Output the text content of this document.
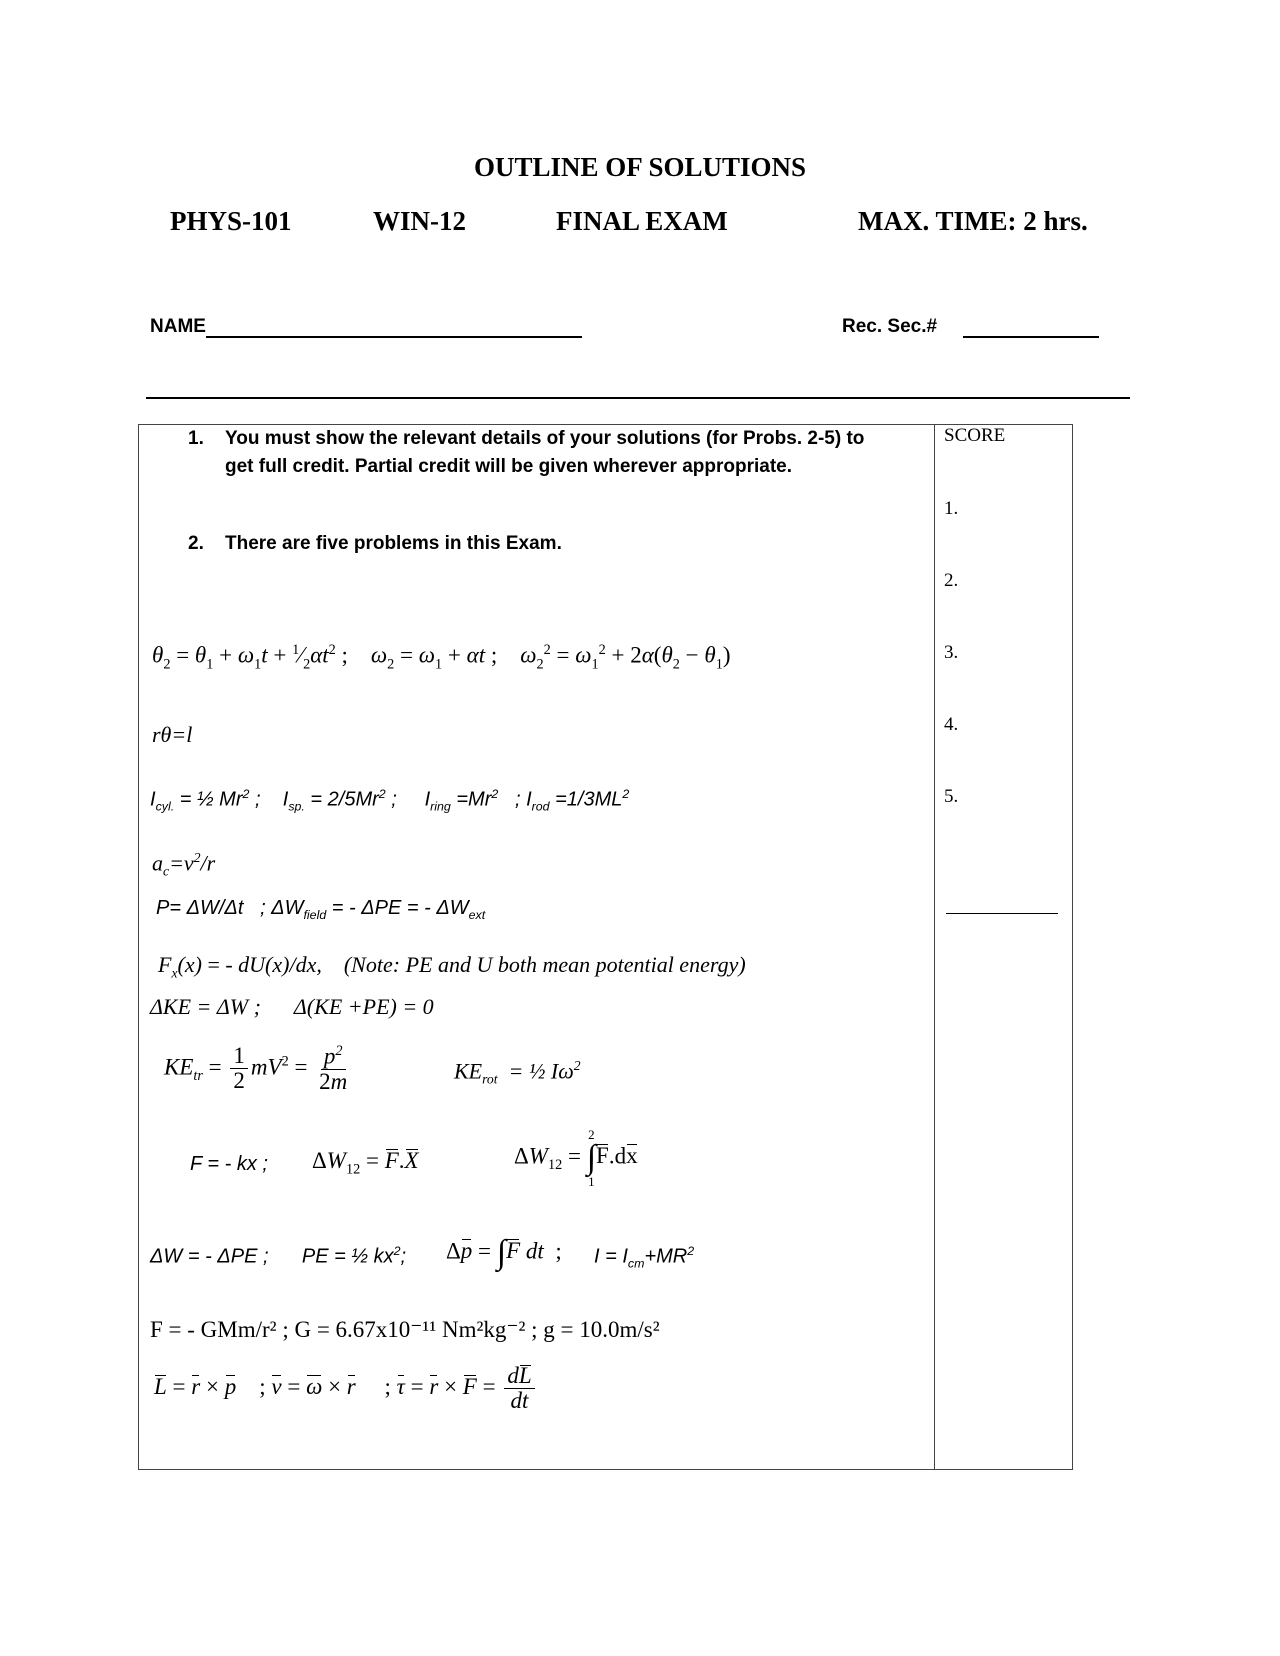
OUTLINE OF SOLUTIONS
PHYS-101	WIN-12	FINAL EXAM	MAX. TIME: 2 hrs.
NAME	Rec. Sec.#
1. You must show the relevant details of your solutions (for Probs. 2-5) to
get full credit. Partial credit will be given wherever appropriate.
2. There are five problems in this Exam.
SCORE
1.
2.
3.
4.
5.
$\theta_2 = \theta_1 + \omega_1t$ + $^1⁄_2\alpha t^2$ ;    $\omega_2 = \omega_1 + \alpha t$ ;    $\omega_2^2 = \omega_1^2 + 2\alpha(\theta_2 - \theta_1)$
rθ=l
$I_{cyl.}$ = ½ Mr$^2$ ;    $I_{sp.} = 2/5Mr^2$ ;     $I_{ring} =Mr^2$   ; $I_{rod} =1/3ML^2$
$a_c=v^2/r$
P= ΔW/Δt   ; $\Delta W_{field}$ = - ΔPE = - $\Delta W_{ext}$
$F_x(x)$ = - dU(x)/dx, (Note: PE and U both mean potential energy)
ΔKE = ΔW ;      Δ(KE +PE) = 0
$KE_{tr} = \frac{1}{2} mV^2 = \frac{p^2}{2m}$	$KE_{rot}$  = ½ $I\omega^2$
F = - kx ; $\Delta W_{12} = F.X$	$\Delta W_{12}$ =
2
∫
1
F.dx
ΔW = - ΔPE ;      PE = ½ $kx^2$; Δp = ∫F dt  ; $I = I_{cm}+MR^2$
F = - GMm/r² ; G = 6.67x10⁻¹¹ Nm²kg⁻² ; g = 10.0m/s²
L = r × p    ; v = ω × r     ; $\tau = r \times F = \frac{dL}{dt}$
